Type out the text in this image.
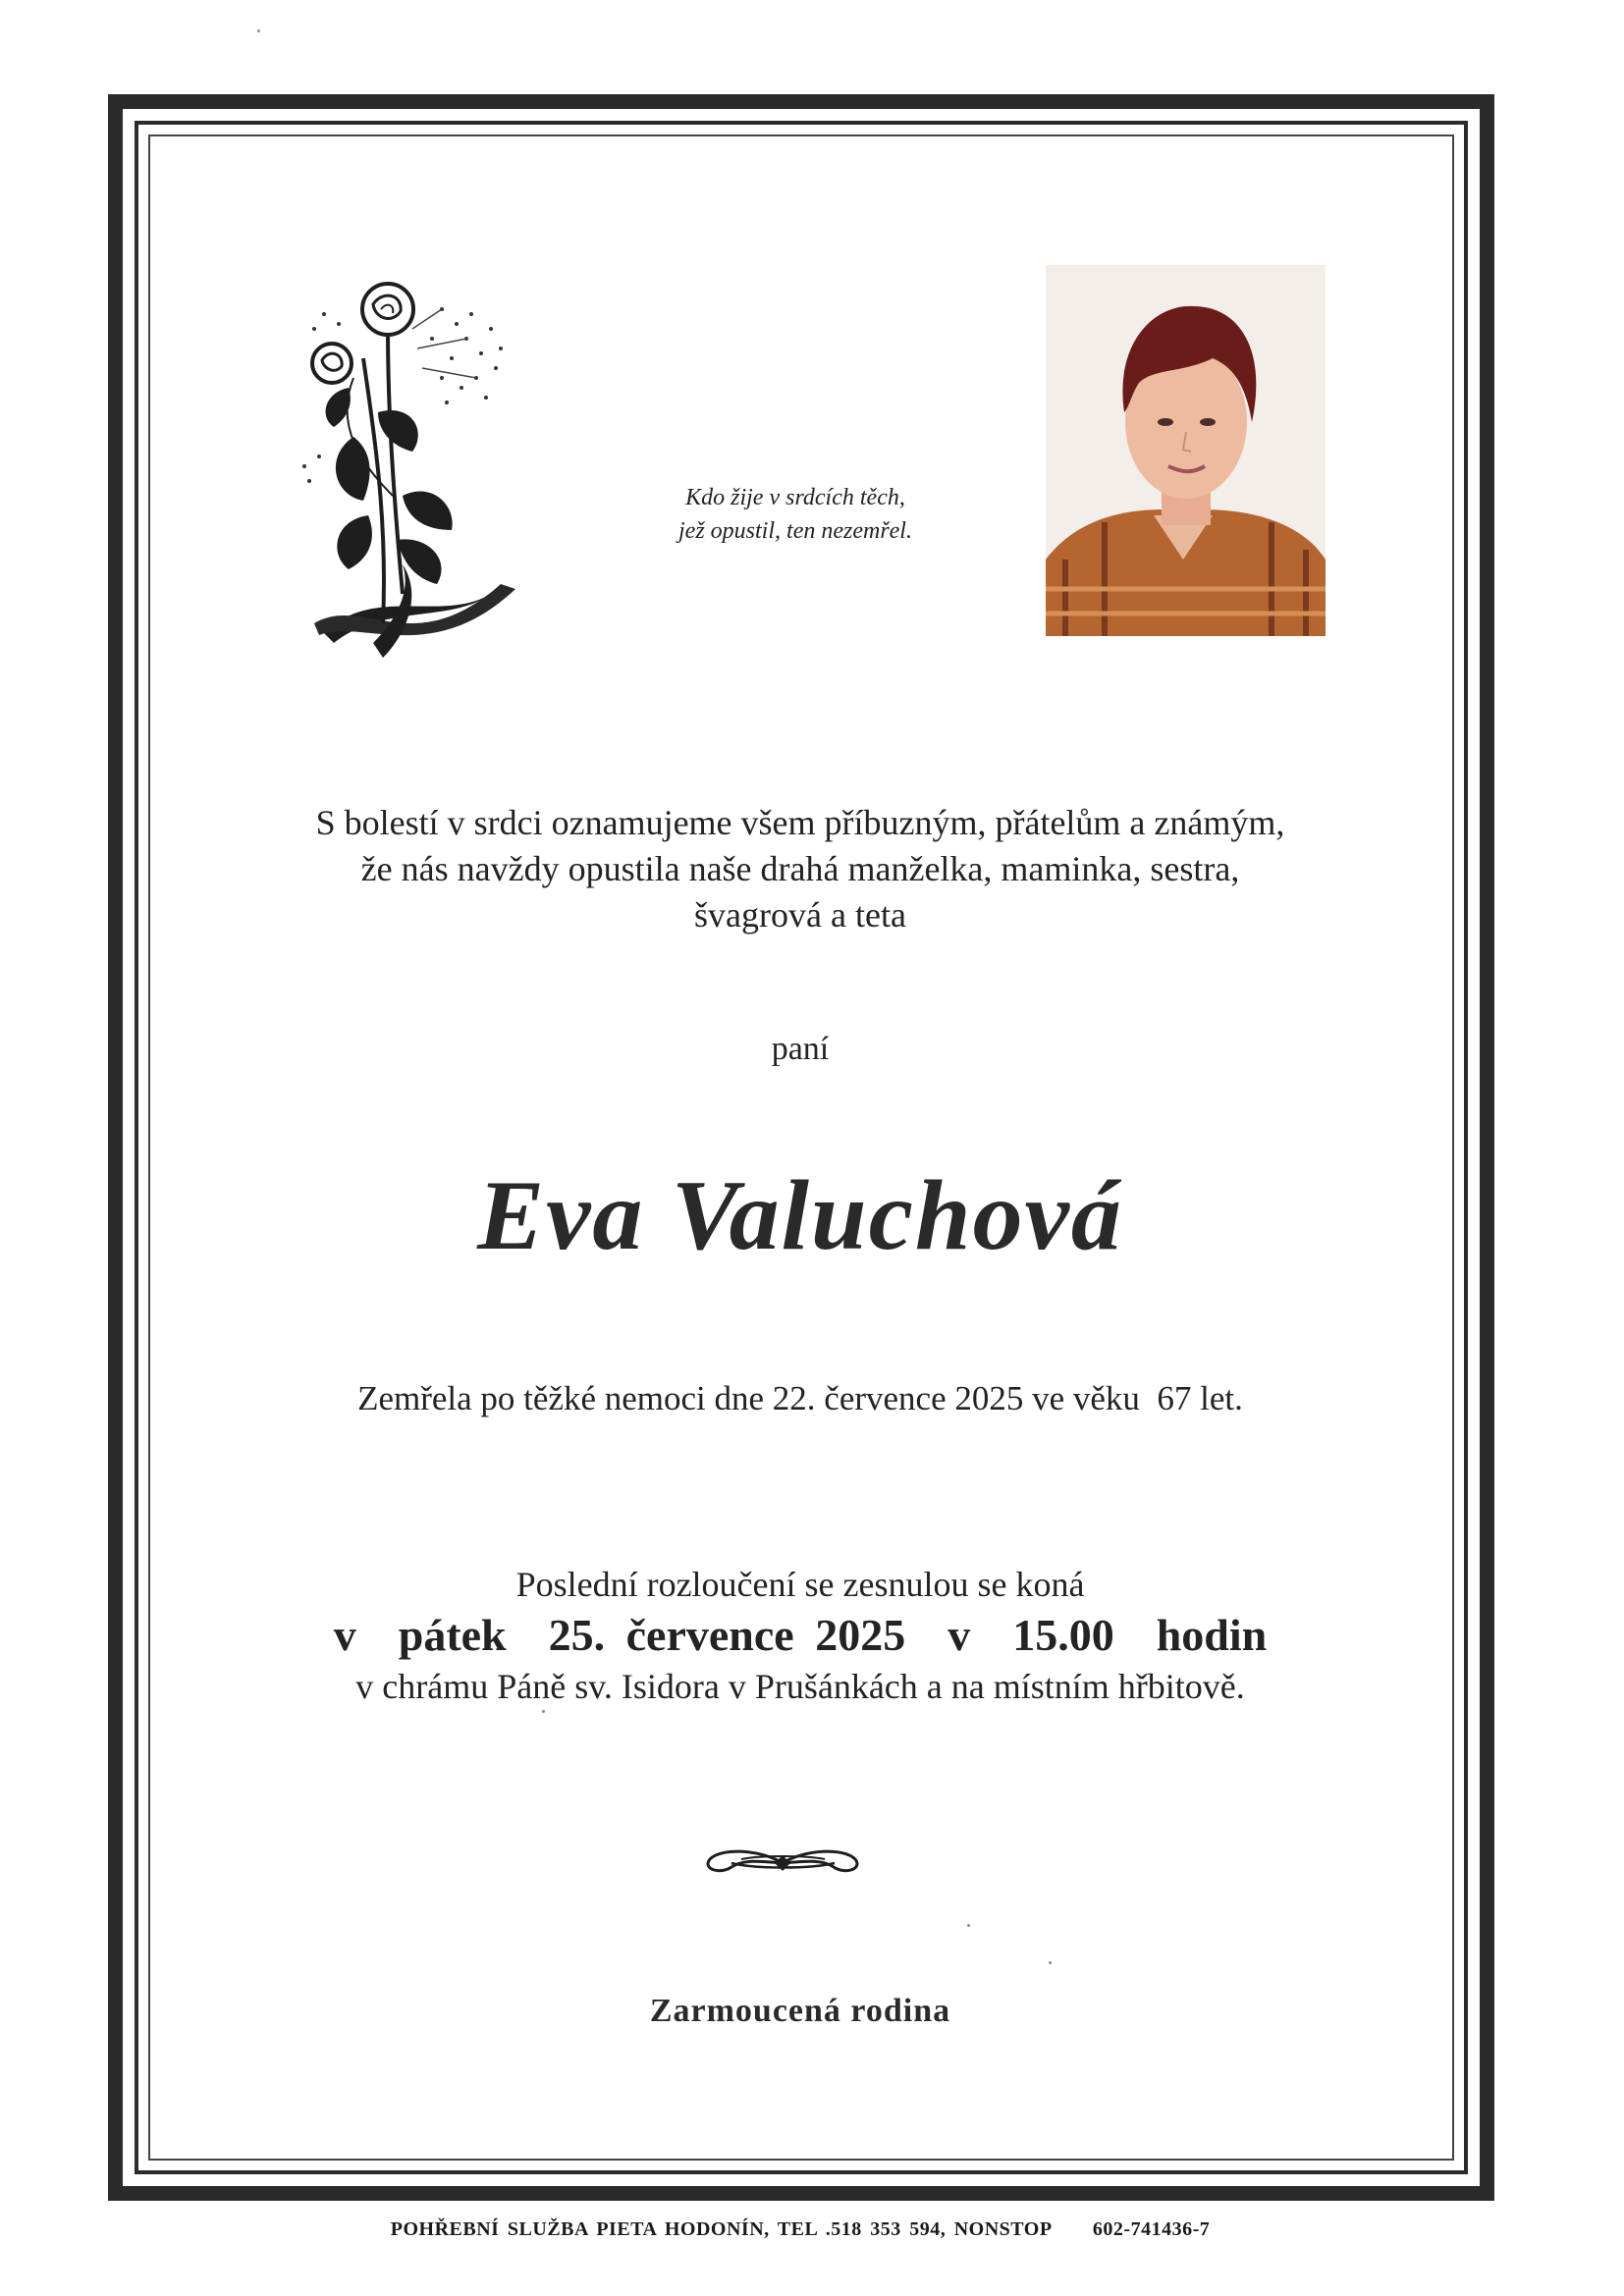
Kdo žije v srdcích těch,
jež opustil, ten nezemřel.
S bolestí v srdci oznamujeme všem příbuzným, přátelům a známým,
že nás navždy opustila naše drahá manželka, maminka, sestra,
švagrová a teta
paní
Eva Valuchová
Zemřela po těžké nemoci dne 22. července 2025 ve věku  67 let.
Poslední rozloučení se zesnulou se koná
v  pátek  25. července 2025  v  15.00  hodin
v chrámu Páně sv. Isidora v Prušánkách a na místním hřbitově.
Zarmoucená rodina
POHŘEBNÍ SLUŽBA PIETA HODONÍN, TEL .518 353 594, NONSTOP     602-741436-7
